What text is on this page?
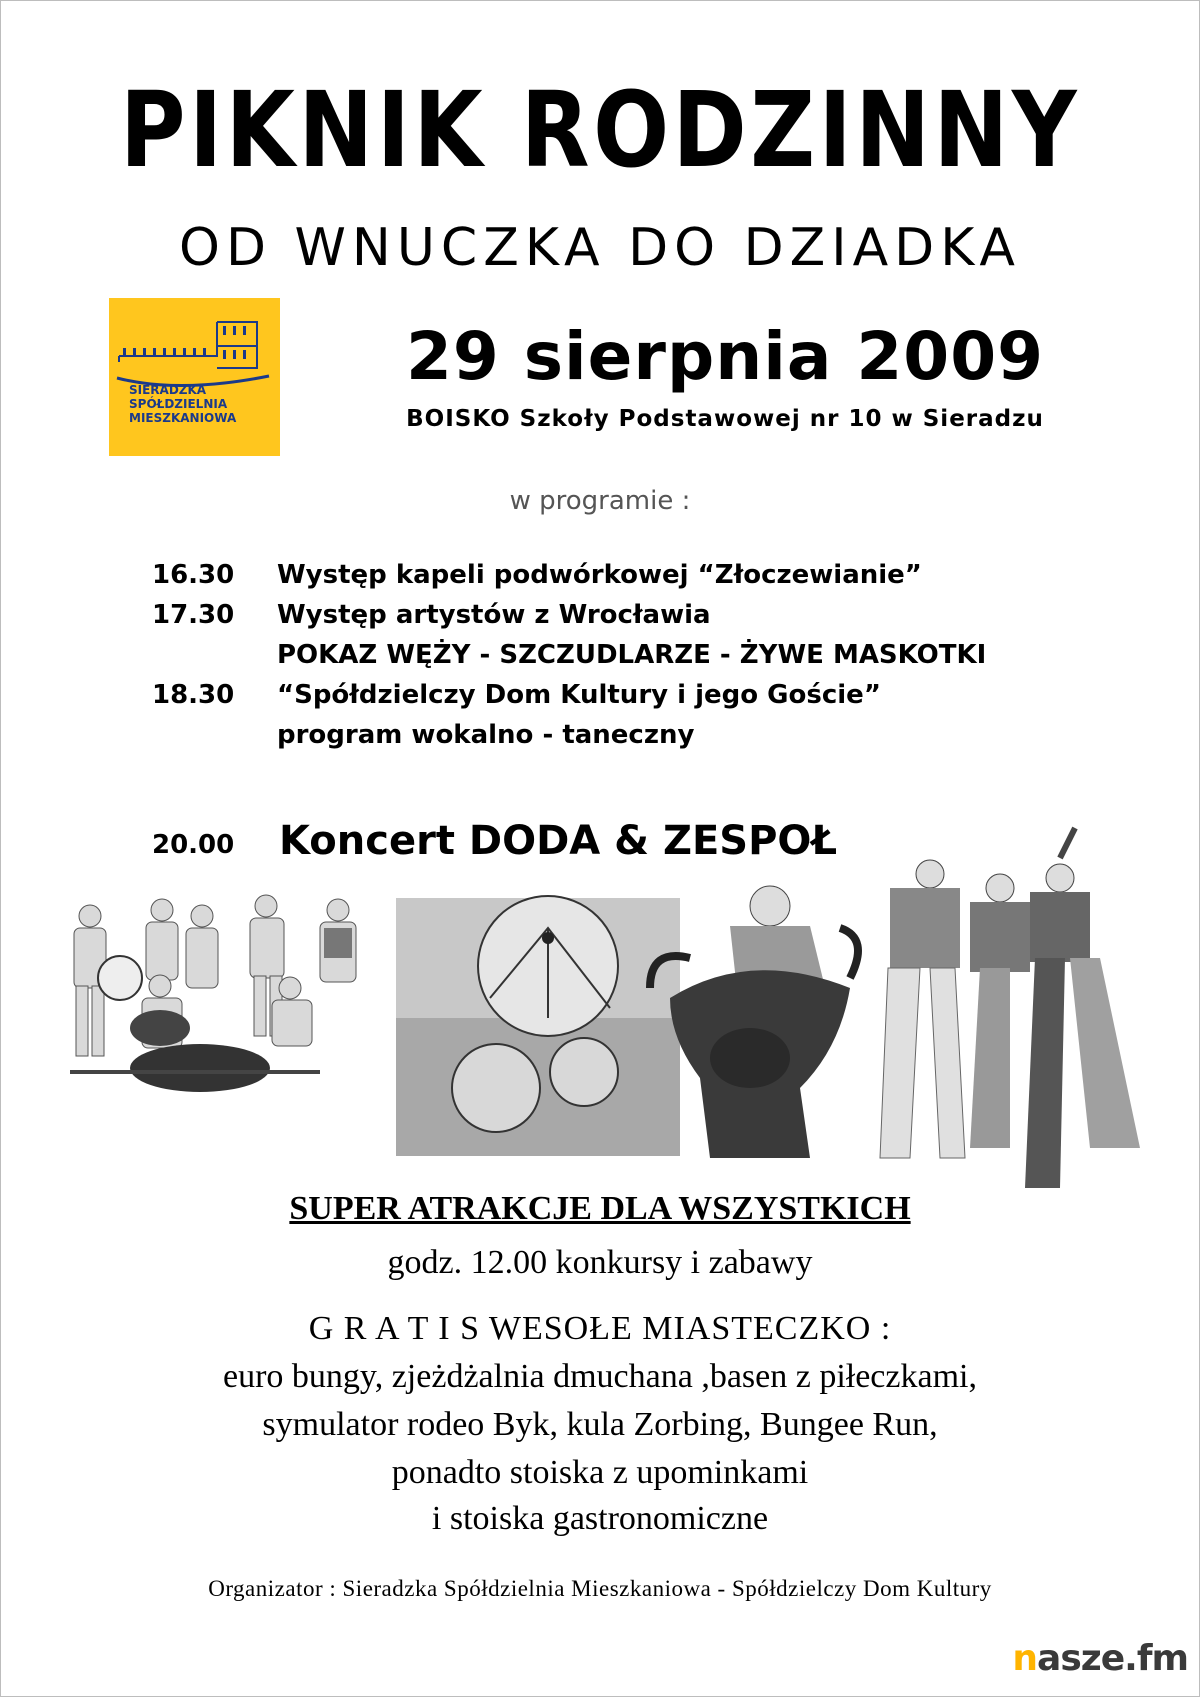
PIKNIK RODZINNY
OD WNUCZKA DO DZIADKA
SIERADZKA
SPÓŁDZIELNIA
MIESZKANIOWA
29 sierpnia 2009
BOISKO Szkoły Podstawowej nr 10 w Sieradzu
w programie :
16.30 Występ kapeli podwórkowej “Złoczewianie”
17.30 Występ artystów z Wrocławia
POKAZ WĘŻY - SZCZUDLARZE - ŻYWE MASKOTKI
18.30 “Spółdzielczy Dom Kultury i jego Goście”
program wokalno - taneczny
20.00 Koncert DODA & ZESPOŁ
SUPER ATRAKCJE DLA WSZYSTKICH
godz. 12.00 konkursy i zabawy
G R A T I S WESOŁE MIASTECZKO :
euro bungy, zjeżdżalnia dmuchana ,basen z piłeczkami,
symulator rodeo Byk, kula Zorbing, Bungee Run,
ponadto stoiska z upominkami
i stoiska gastronomiczne
Organizator : Sieradzka Spółdzielnia Mieszkaniowa - Spółdzielczy Dom Kultury
nasze.fm
